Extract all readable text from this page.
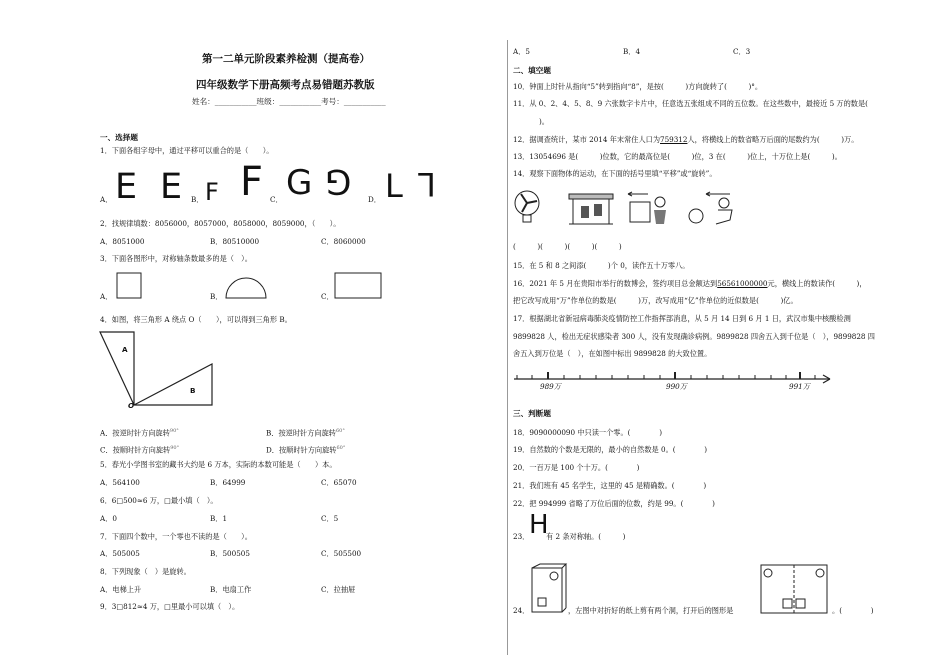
第一二单元阶段素养检测（提高卷）
四年级数学下册高频考点易错题苏教版
姓名：___________班级：___________考号：___________
一、选择题
1．下面各组字母中，通过平移可以重合的是（　　）。
A． E E B． F F C． G G D． L L
2．找规律填数：8056000，8057000，8058000，8059000，（　　）。
A．8051000	B．80510000	C．8060000
3．下面各图形中，对称轴条数最多的是（　）。
A．	B．	C．
4．如图，将三角形 A 绕点 O（　　），可以得到三角形 B。
A
B
O
A．按逆时针方向旋转$^{90^\circ}$	B．按逆时针方向旋转$^{60^\circ}$
C．按顺时针方向旋转$^{90^\circ}$	D．按顺时针方向旋转$^{60^\circ}$
5．春光小学图书室的藏书大约是 6 万本，实际的本数可能是（　　）本。
A．564100	B．64999	C．65070
6．6□500≈6 万，□最小填（　）。
A．0	B．1	C．5
7．下面四个数中，一个零也不读的是（　　）。
A．505005	B．500505	C．505500
8．下列现象（　）是旋转。
A．电梯上升	B．电扇工作	C．拉抽屉
9．3□812≈4 万，□里最小可以填（　）。
A．5	B．4	C．3
二、填空题
10．钟面上时针从指向“5”转到指向“8”，是按(　　　)方向旋转了(　　　)°。
11．从 0、2、4、5、8、9 六张数字卡片中，任意选五张组成不同的五位数。在这些数中，最接近 5 万的数是(
)。
12．据调查统计，某市 2014 年末常住人口为759312人，将横线上的数省略万后面的尾数约为(　　　)万。
13．13054696 是(　　　)位数，它的最高位是(　　　)位，3 在(　　　)位上，十万位上是(　　　)。
14．观察下面物体的运动，在下面的括号里填“平移”或“旋转”。
(　　　)(　　　)(　　　)(　　　)
15．在 5 和 8 之间添(　　　)个 0，读作五十万零八。
16．2021 年 5 月在贵阳市举行的数博会，签约项目总金额达到56561000000元，横线上的数读作(　　　)，
把它改写成用“万”作单位的数是(　　　)万，改写成用“亿”作单位的近似数是(　　　)亿。
17．根据湖北省新冠病毒肺炎疫情防控工作指挥部消息，从 5 月 14 日到 6 月 1 日，武汉市集中核酸检测
9899828 人，检出无症状感染者 300 人，没有发现确诊病例。9899828 四舍五入到千位是（　），9899828 四
舍五入到万位是（　），在如图中标出 9899828 的大致位置。
989万	990万	991万
三、判断题
18．9090000090 中只读一个零。(　　　　)
19．自然数的个数是无限的，最小的自然数是 0。(　　　　)
20．一百万是 100 个十万。(　　　　)
21．我们班有 45 名学生，这里的 45 是精确数。(　　　　)
22．把 994999 省略了万位后面的位数，约是 99。(　　　　)
23． H
有 2 条对称轴。(　　　)
24．	，左图中对折好的纸上剪有两个洞，打开后的图形是	。(　　　　)
